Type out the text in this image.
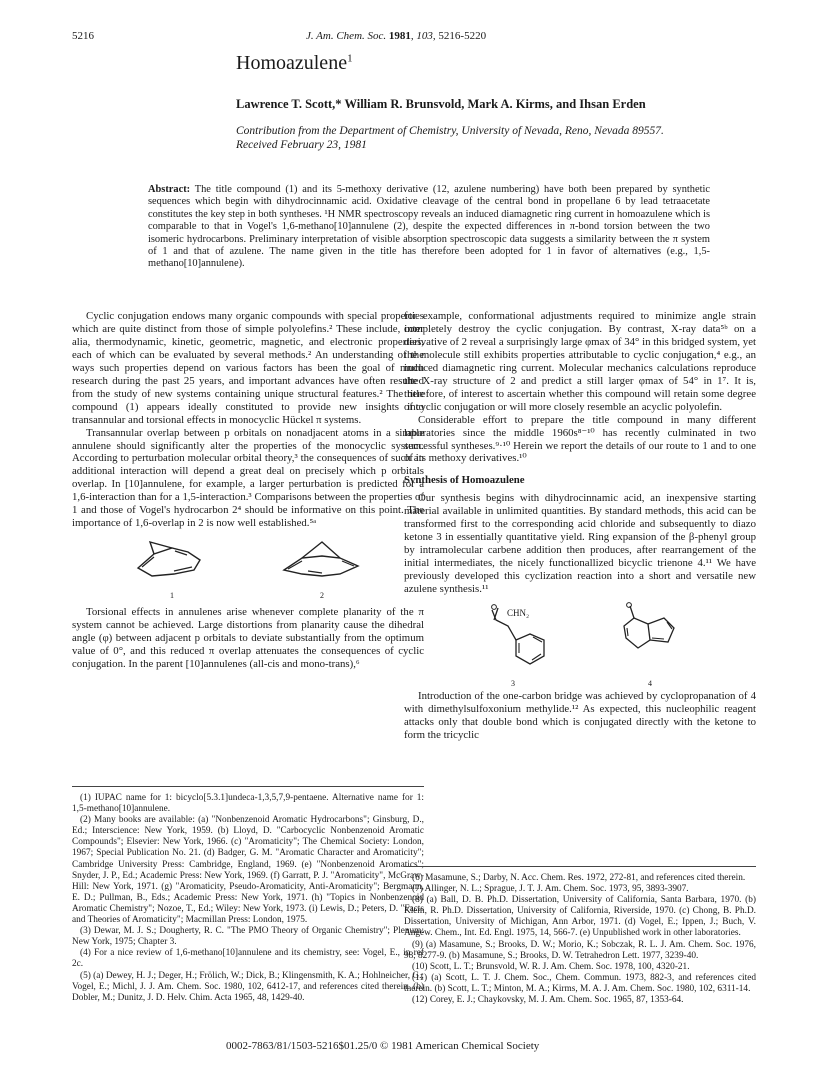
5216	J. Am. Chem. Soc. 1981, 103, 5216-5220
Homoazulene$^1$
Lawrence T. Scott,* William R. Brunsvold, Mark A. Kirms, and Ihsan Erden
Contribution from the Department of Chemistry, University of Nevada, Reno, Nevada 89557.
Received February 23, 1981
Abstract: The title compound (1) and its 5-methoxy derivative (12, azulene numbering) have both been prepared by synthetic sequences which begin with dihydrocinnamic acid. Oxidative cleavage of the central bond in propellane 6 by lead tetraacetate constitutes the key step in both syntheses. ¹H NMR spectroscopy reveals an induced diamagnetic ring current in homoazulene which is comparable to that in Vogel's 1,6-methano[10]annulene (2), despite the expected differences in π-bond torsion between the two isomeric hydrocarbons. Preliminary interpretation of visible absorption spectroscopic data suggests a similarity between the π system of 1 and that of azulene. The name given in the title has therefore been adopted for 1 in favor of alternatives (e.g., 1,5-methano[10]annulene).

Cyclic conjugation endows many organic compounds with special properties which are quite distinct from those of simple polyolefins.² These include, inter alia, thermodynamic, kinetic, geometric, magnetic, and electronic properties, each of which can be evaluated by several methods.² An understanding of the ways such properties depend on various factors has been the goal of much research during the past 25 years, and important advances have often resulted from the study of new systems containing unique structural features.² The title compound (1) appears ideally constituted to provide new insights into transannular and torsional effects in monocyclic Hückel π systems.

Transannular overlap between p orbitals on nonadjacent atoms in a simple annulene should significantly alter the properties of the monocyclic system. According to perturbation molecular orbital theory,³ the consequences of such an additional interaction will depend a great deal on precisely which p orbitals overlap. In [10]annulene, for example, a larger perturbation is predicted for a 1,6-interaction than for a 1,5-interaction.³ Comparisons between the properties of 1 and those of Vogel's hydrocarbon 2⁴ should be informative on this point. The importance of 1,6-overlap in 2 is now well established.⁵ᵃ

1	2

Torsional effects in annulenes arise whenever complete planarity of the π system cannot be achieved. Large distortions from planarity cause the dihedral angle (φ) between adjacent p orbitals to deviate substantially from the optimum value of 0°, and this reduced π overlap attenuates the consequences of cyclic conjugation. In the parent [10]annulenes (all-cis and mono-trans),⁶

for example, conformational adjustments required to minimize angle strain completely destroy the cyclic conjugation. By contrast, X-ray data⁵ᵇ on a derivative of 2 reveal a surprisingly large φmax of 34° in this bridged system, yet the molecule still exhibits properties attributable to cyclic conjugation,⁴ e.g., an induced diamagnetic ring current. Molecular mechanics calculations reproduce the X-ray structure of 2 and predict a still larger φmax of 54° in 1⁷. It is, therefore, of interest to ascertain whether this compound will retain some degree of cyclic conjugation or will more closely resemble an acyclic polyolefin.

Considerable effort to prepare the title compound in many different laboratories since the middle 1960s⁸⁻¹⁰ has recently culminated in two successful syntheses.⁹·¹⁰ Herein we report the details of our route to 1 and to one of its methoxy derivatives.¹⁰

Synthesis of Homoazulene

Our synthesis begins with dihydrocinnamic acid, an inexpensive starting material available in unlimited quantities. By standard methods, this acid can be transformed first to the corresponding acid chloride and subsequently to diazo ketone 3 in essentially quantitative yield. Ring expansion of the β-phenyl group by intramolecular carbene addition then produces, after rearrangement of the initial intermediates, the nicely functionallized bicyclic trienone 4.¹¹ We have previously developed this cyclization reaction into a short and versatile new azulene synthesis.¹¹

CHN₂
3	4

Introduction of the one-carbon bridge was achieved by cyclopropanation of 4 with dimethylsulfoxonium methylide.¹² As expected, this nucleophilic reagent attacks only that double bond which is conjugated directly with the ketone to form the tricyclic

(1) IUPAC name for 1: bicyclo[5.3.1]undeca-1,3,5,7,9-pentaene. Alternative name for 1: 1,5-methano[10]annulene.

(2) Many books are available: (a) "Nonbenzenoid Aromatic Hydrocarbons"; Ginsburg, D., Ed.; Interscience: New York, 1959. (b) Lloyd, D. "Carbocyclic Nonbenzenoid Aromatic Compounds"; Elsevier: New York, 1966. (c) "Aromaticity"; The Chemical Society: London, 1967; Special Publication No. 21. (d) Badger, G. M. "Aromatic Character and Aromaticity"; Cambridge University Press: Cambridge, England, 1969. (e) "Nonbenzenoid Aromatics"; Snyder, J. P., Ed.; Academic Press: New York, 1969. (f) Garratt, P. J. "Aromaticity", McGraw-Hill: New York, 1971. (g) "Aromaticity, Pseudo-Aromaticity, Anti-Aromaticity"; Bergmann, E. D.; Pullman, B., Eds.; Academic Press: New York, 1971. (h) "Topics in Nonbenzenoid Aromatic Chemistry"; Nozoe, T., Ed.; Wiley: New York, 1973. (i) Lewis, D.; Peters, D. "Facts and Theories of Aromaticity"; Macmillan Press: London, 1975.

(3) Dewar, M. J. S.; Dougherty, R. C. "The PMO Theory of Organic Chemistry"; Plenum: New York, 1975; Chapter 3.

(4) For a nice review of 1,6-methano[10]annulene and its chemistry, see: Vogel, E., in ref 2c.

(5) (a) Dewey, H. J.; Deger, H.; Frölich, W.; Dick, B.; Klingensmith, K. A.; Hohlneicher, G.; Vogel, E.; Michl, J. J. Am. Chem. Soc. 1980, 102, 6412-17, and references cited therein. (b) Dobler, M.; Dunitz, J. D. Helv. Chim. Acta 1965, 48, 1429-40.

(6) Masamune, S.; Darby, N. Acc. Chem. Res. 1972, 272-81, and references cited therein.

(7) Allinger, N. L.; Sprague, J. T. J. Am. Chem. Soc. 1973, 95, 3893-3907.

(8) (a) Ball, D. B. Ph.D. Dissertation, University of California, Santa Barbara, 1970. (b) Klem, R. Ph.D. Dissertation, University of California, Riverside, 1970. (c) Chong, B. Ph.D. Dissertation, University of Michigan, Ann Arbor, 1971. (d) Vogel, E.; Ippen, J.; Buch, V. Angew. Chem., Int. Ed. Engl. 1975, 14, 566-7. (e) Unpublished work in other laboratories.

(9) (a) Masamune, S.; Brooks, D. W.; Morio, K.; Sobczak, R. L. J. Am. Chem. Soc. 1976, 98, 8277-9. (b) Masamune, S.; Brooks, D. W. Tetrahedron Lett. 1977, 3239-40.

(10) Scott, L. T.; Brunsvold, W. R. J. Am. Chem. Soc. 1978, 100, 4320-21.

(11) (a) Scott, L. T. J. Chem. Soc., Chem. Commun. 1973, 882-3, and references cited therein. (b) Scott, L. T.; Minton, M. A.; Kirms, M. A. J. Am. Chem. Soc. 1980, 102, 6311-14.

(12) Corey, E. J.; Chaykovsky, M. J. Am. Chem. Soc. 1965, 87, 1353-64.

0002-7863/81/1503-5216$01.25/0 © 1981 American Chemical Society
